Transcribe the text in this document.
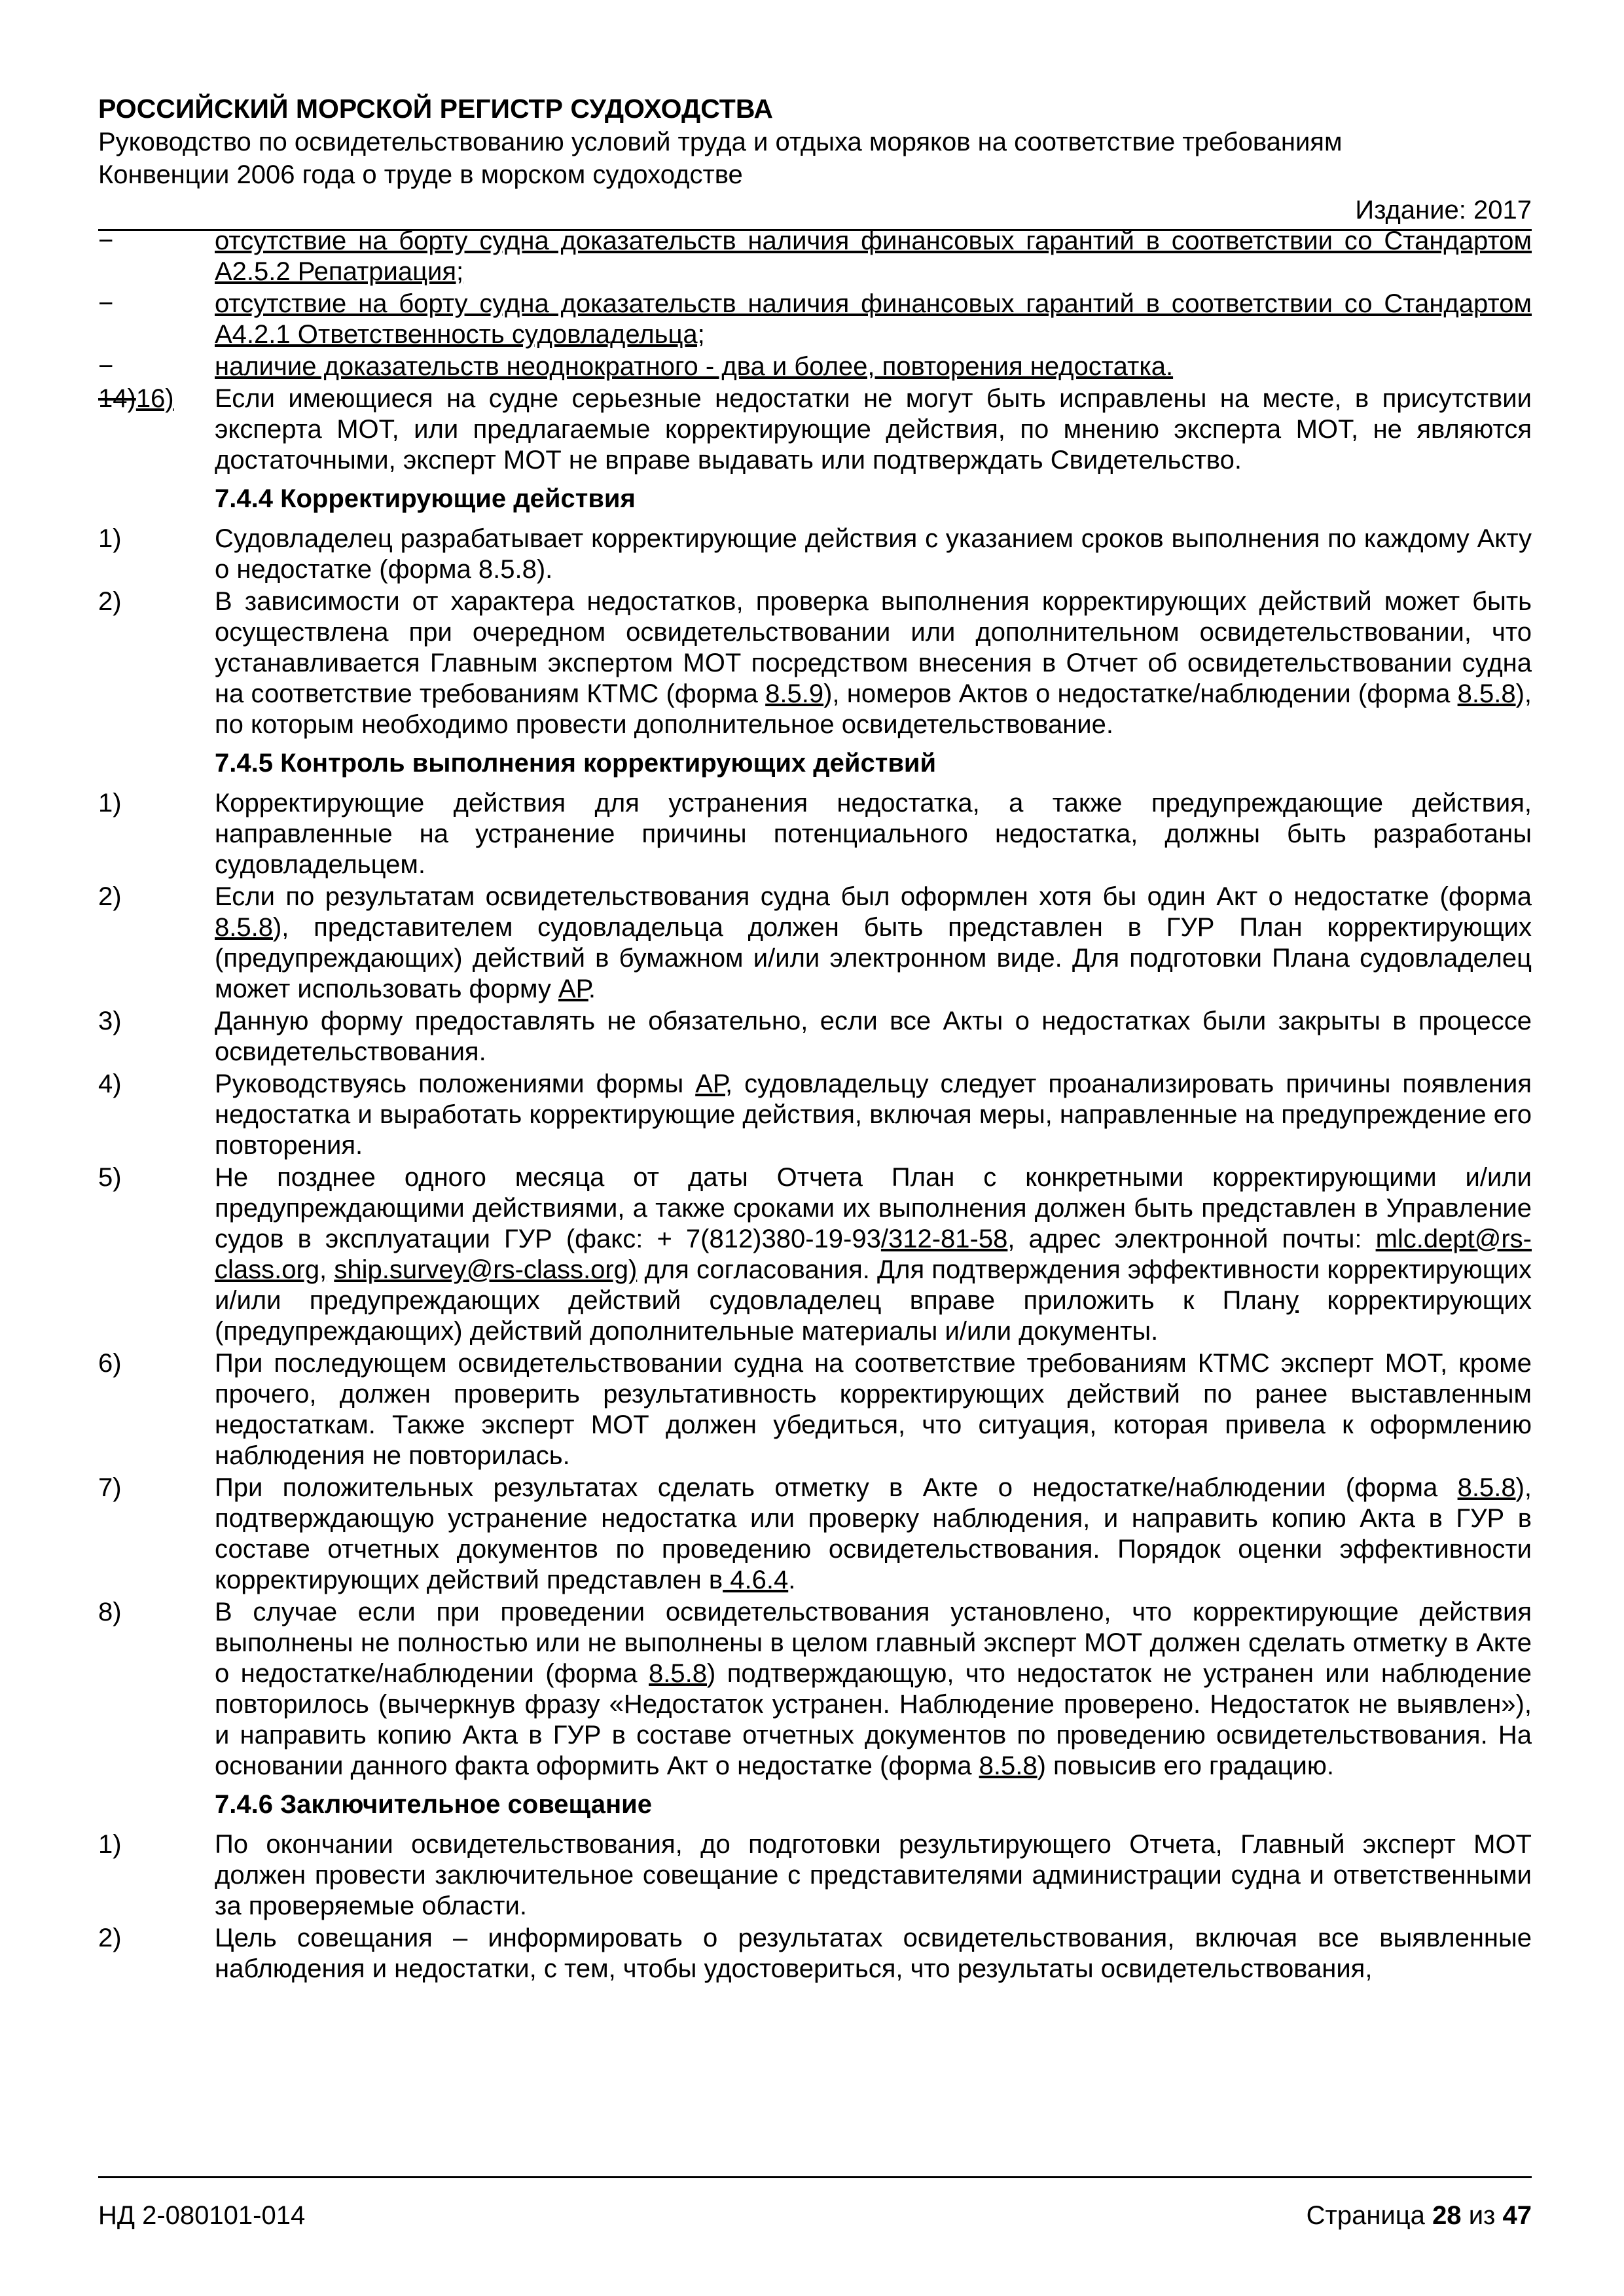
РОССИЙСКИЙ МОРСКОЙ РЕГИСТР СУДОХОДСТВА
Руководство по освидетельствованию условий труда и отдыха моряков на соответствие требованиям
Конвенции 2006 года о труде в морском судоходстве
Издание: 2017
−	отсутствие на борту судна доказательств наличия финансовых гарантий в соответствии со Стандартом А2.5.2 Репатриация;
−	отсутствие на борту судна доказательств наличия финансовых гарантий в соответствии со Стандартом А4.2.1 Ответственность судовладельца;
−	наличие доказательств неоднократного - два и более, повторения недостатка.
14)16) Если имеющиеся на судне серьезные недостатки не могут быть исправлены на месте, в присутствии эксперта МОТ, или предлагаемые корректирующие действия, по мнению эксперта МОТ, не являются достаточными, эксперт МОТ не вправе выдавать или подтверждать Свидетельство.
7.4.4 Корректирующие действия
1)	Судовладелец разрабатывает корректирующие действия с указанием сроков выполнения по каждому Акту о недостатке (форма 8.5.8).
2)	В зависимости от характера недостатков, проверка выполнения корректирующих действий может быть осуществлена при очередном освидетельствовании или дополнительном освидетельствовании, что устанавливается Главным экспертом МОТ посредством внесения в Отчет об освидетельствовании судна на соответствие требованиям КТМС (форма 8.5.9), номеров Актов о недостатке/наблюдении (форма 8.5.8), по которым необходимо провести дополнительное освидетельствование.
7.4.5 Контроль выполнения корректирующих действий
1)	Корректирующие действия для устранения недостатка, а также предупреждающие действия, направленные на устранение причины потенциального недостатка, должны быть разработаны судовладельцем.
2)	Если по результатам освидетельствования судна был оформлен хотя бы один Акт о недостатке (форма 8.5.8), представителем судовладельца должен быть представлен в ГУР План корректирующих (предупреждающих) действий в бумажном и/или электронном виде. Для подготовки Плана судовладелец может использовать форму АР.
3)	Данную форму предоставлять не обязательно, если все Акты о недостатках были закрыты в процессе освидетельствования.
4)	Руководствуясь положениями формы АР, судовладельцу следует проанализировать причины появления недостатка и выработать корректирующие действия, включая меры, направленные на предупреждение его повторения.
5)	Не позднее одного месяца от даты Отчета План с конкретными корректирующими и/или предупреждающими действиями, а также сроками их выполнения должен быть представлен в Управление судов в эксплуатации ГУР (факс: + 7(812)380-19-93/312-81-58, адрес электронной почты: mlc.dept@rs-class.org, ship.survey@rs-class.org) для согласования. Для подтверждения эффективности корректирующих и/или предупреждающих действий судовладелец вправе приложить к Плану корректирующих (предупреждающих) действий дополнительные материалы и/или документы.
6)	При последующем освидетельствовании судна на соответствие требованиям КТМС эксперт МОТ, кроме прочего, должен проверить результативность корректирующих действий по ранее выставленным недостаткам. Также эксперт МОТ должен убедиться, что ситуация, которая привела к оформлению наблюдения не повторилась.
7)	При положительных результатах сделать отметку в Акте о недостатке/наблюдении (форма 8.5.8), подтверждающую устранение недостатка или проверку наблюдения, и направить копию Акта в ГУР в составе отчетных документов по проведению освидетельствования. Порядок оценки эффективности корректирующих действий представлен в 4.6.4.
8)	В случае если при проведении освидетельствования установлено, что корректирующие действия выполнены не полностью или не выполнены в целом главный эксперт МОТ должен сделать отметку в Акте о недостатке/наблюдении (форма 8.5.8) подтверждающую, что недостаток не устранен или наблюдение повторилось (вычеркнув фразу «Недостаток устранен. Наблюдение проверено. Недостаток не выявлен»), и направить копию Акта в ГУР в составе отчетных документов по проведению освидетельствования. На основании данного факта оформить Акт о недостатке (форма 8.5.8) повысив его градацию.
7.4.6 Заключительное совещание
1)	По окончании освидетельствования, до подготовки результирующего Отчета, Главный эксперт МОТ должен провести заключительное совещание с представителями администрации судна и ответственными за проверяемые области.
2)	Цель совещания – информировать о результатах освидетельствования, включая все выявленные наблюдения и недостатки, с тем, чтобы удостовериться, что результаты освидетельствования,
НД 2-080101-014	Страница 28 из 47
